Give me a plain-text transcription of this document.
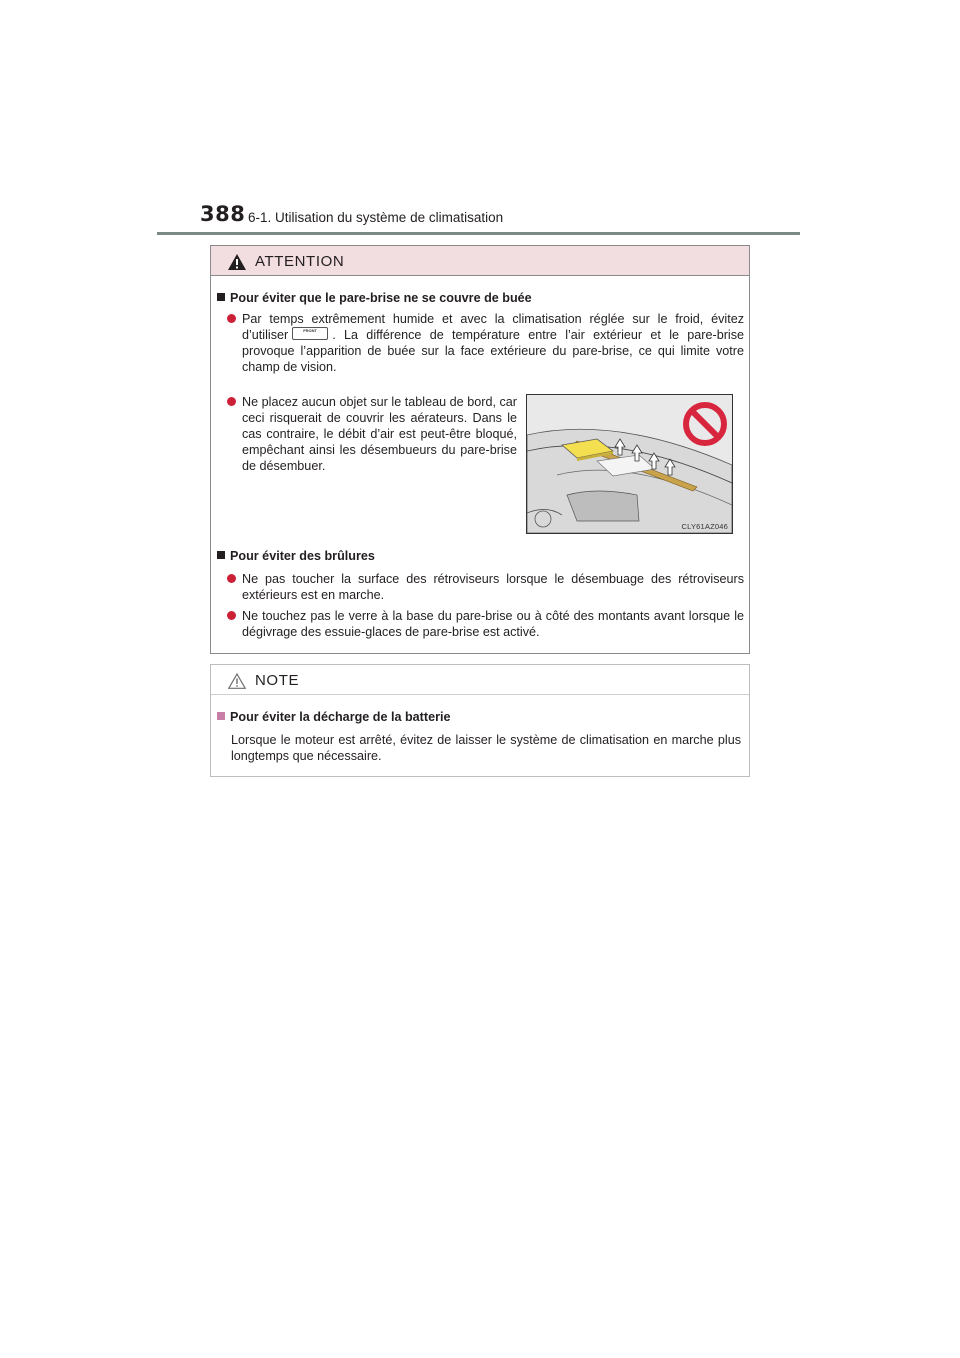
388 6-1. Utilisation du système de climatisation
ATTENTION
Pour éviter que le pare-brise ne se couvre de buée
Par temps extrêmement humide et avec la climatisation réglée sur le froid, évitez
d’utiliser	FRONT . La différence de température entre l’air extérieur et le pare-brise
provoque l’apparition de buée sur la face extérieure du pare-brise, ce qui limite votre champ de vision.
Ne placez aucun objet sur le tableau de bord, car ceci risquerait de couvrir les aérateurs. Dans le cas contraire, le débit d’air est peut-être bloqué, empêchant ainsi les désembueurs du pare-brise de désembuer.
CLY61AZ046
Pour éviter des brûlures
Ne pas toucher la surface des rétroviseurs lorsque le désembuage des rétroviseurs extérieurs est en marche.
Ne touchez pas le verre à la base du pare-brise ou à côté des montants avant lorsque le dégivrage des essuie-glaces de pare-brise est activé.
NOTE
Pour éviter la décharge de la batterie
Lorsque le moteur est arrêté, évitez de laisser le système de climatisation en marche plus longtemps que nécessaire.
